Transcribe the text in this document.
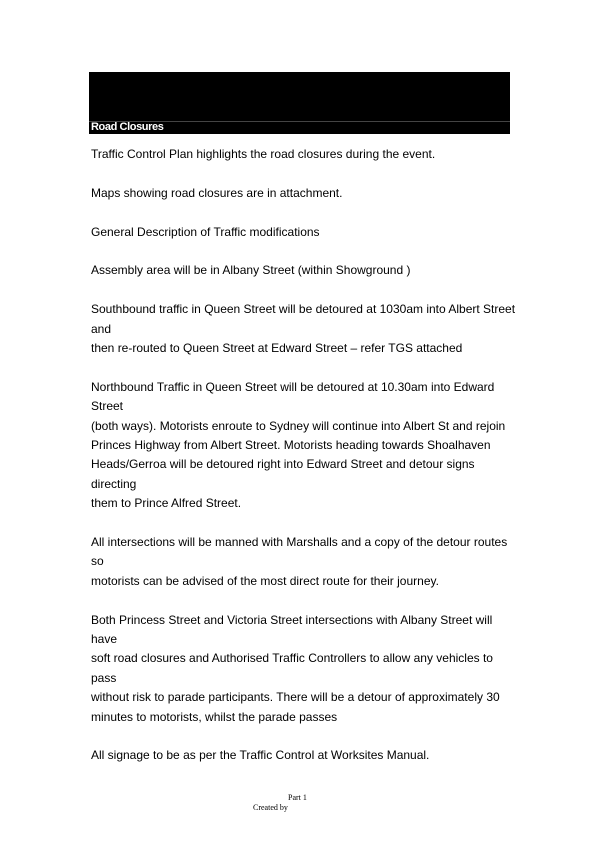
Road Closures

Traffic Control Plan highlights the road closures during the event.

Maps showing road closures are in attachment.

General Description of Traffic modifications

Assembly area will be in Albany Street (within Showground )

Southbound traffic in Queen Street will be detoured at 1030am into Albert Street and
then re-routed to Queen Street at Edward Street – refer TGS attached

Northbound Traffic in Queen Street will be detoured at 10.30am into Edward Street
(both ways). Motorists enroute to Sydney will continue into Albert St and rejoin
Princes Highway from Albert Street. Motorists heading towards Shoalhaven
Heads/Gerroa will be detoured right into Edward Street and detour signs directing
them to Prince Alfred Street.

All intersections will be manned with Marshalls and a copy of the detour routes so
motorists can be advised of the most direct route for their journey.

Both Princess Street and Victoria Street intersections with Albany Street will have
soft road closures and Authorised Traffic Controllers to allow any vehicles to pass
without risk to parade participants. There will be a detour of approximately 30
minutes to motorists, whilst the parade passes

All signage to be as per the Traffic Control at Worksites Manual.

Part 1
Created by
